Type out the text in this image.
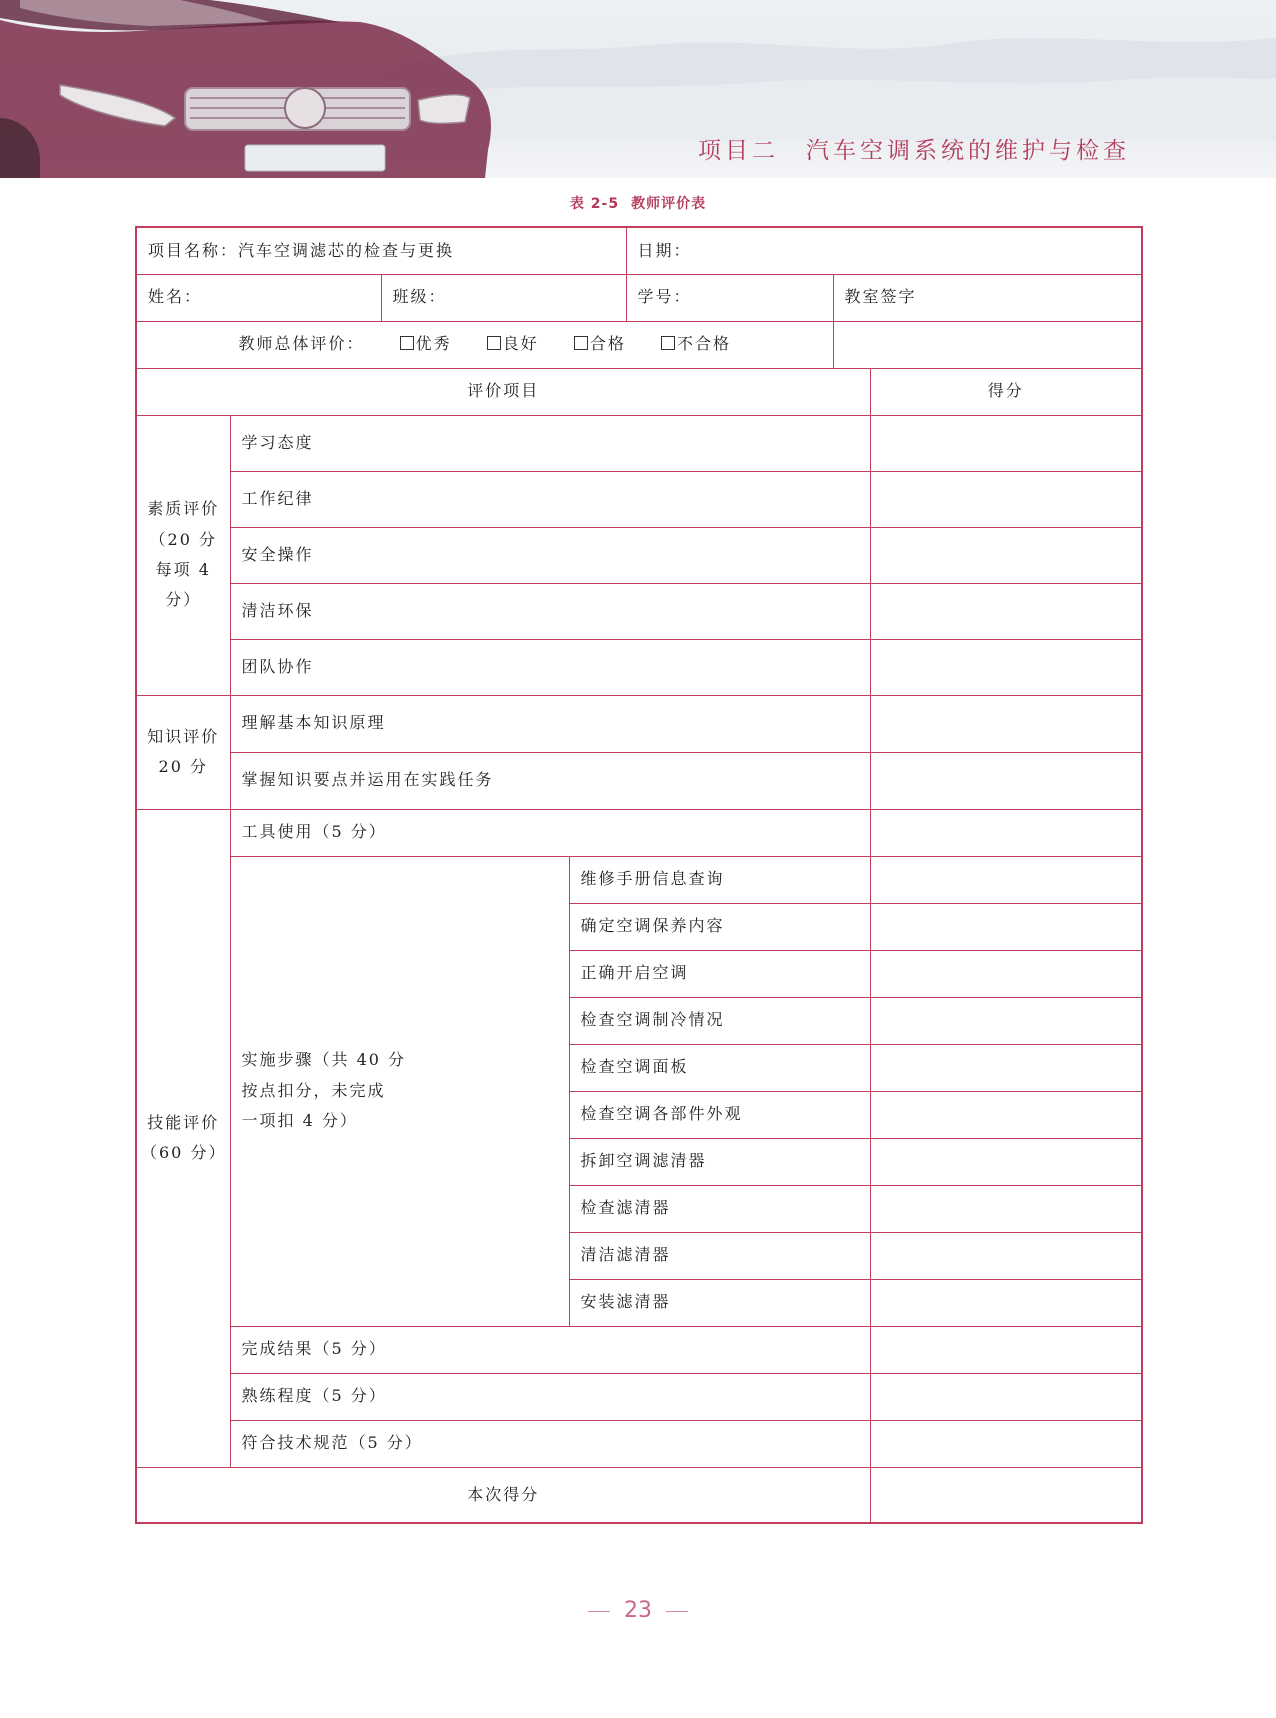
项目二　汽车空调系统的维护与检查
表 2-5 教师评价表
项目名称：汽车空调滤芯的检查与更换				日期：		
姓名：		班级：		学号：	教室签字	
教师总体评价： 优秀 良好 合格 不合格						
评价项目						得分

素质评价
（20 分
每项 4 分）	学习态度					
	工作纪律					
	安全操作					
	清洁环保					
	团队协作					

知识评价
20 分	理解基本知识原理					
	掌握知识要点并运用在实践任务					

技能评价
（60 分）	工具使用（5 分）					

	实施步骤（共 40 分
按点扣分，未完成
一项扣 4 分）		维修手册信息查询			
			确定空调保养内容			
			正确开启空调			
			检查空调制冷情况			
			检查空调面板			
			检查空调各部件外观			
			拆卸空调滤清器			
			检查滤清器			
			清洁滤清器			
			安装滤清器			
	完成结果（5 分）					
	熟练程度（5 分）					
	符合技术规范（5 分）					
本次得分						
23
